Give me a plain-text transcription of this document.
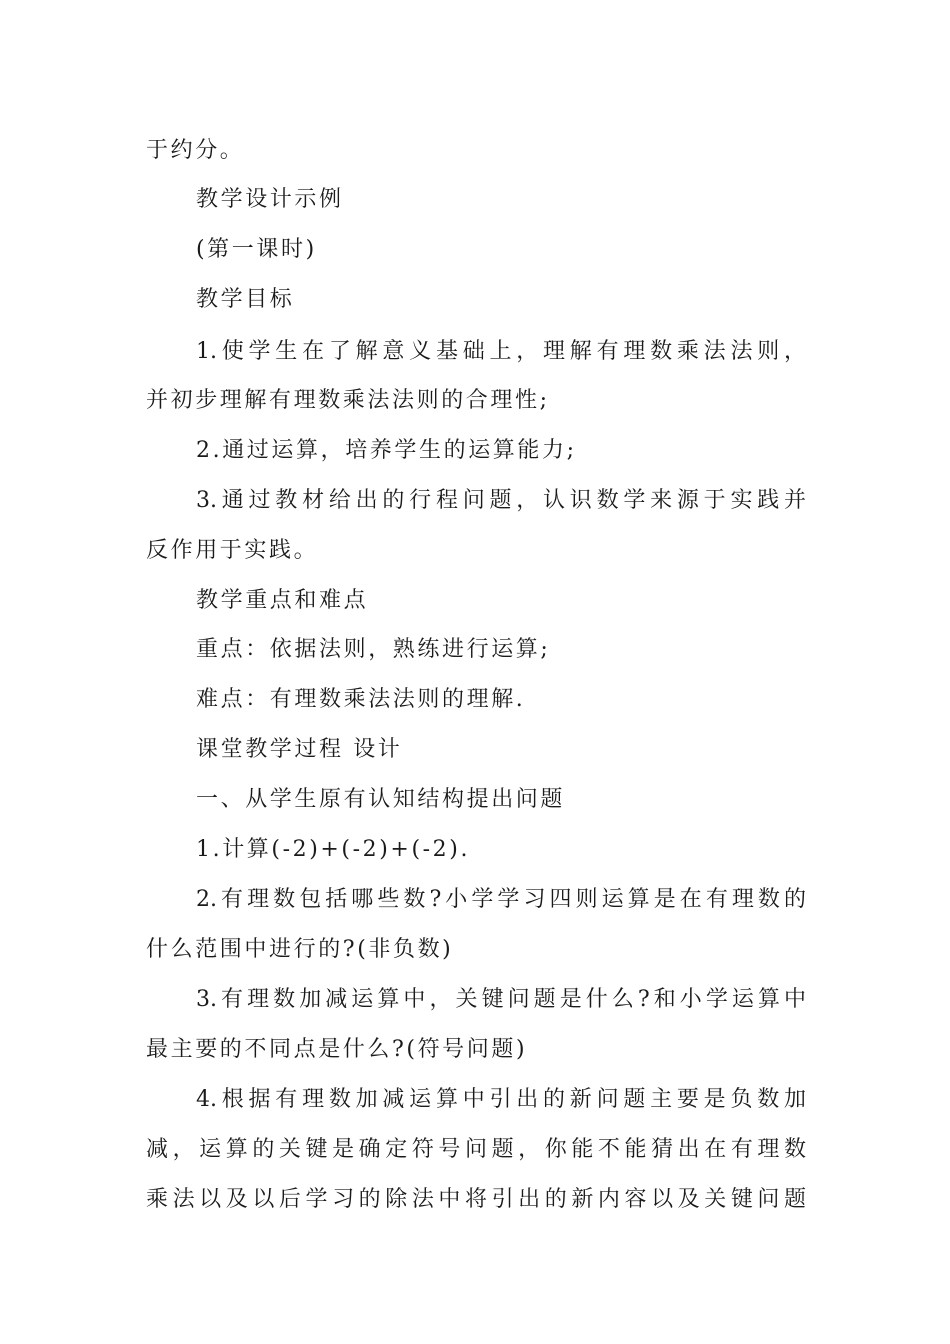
于约分。
教学设计示例
(第一课时)
教学目标
1.使学生在了解意义基础上，理解有理数乘法法则，
并初步理解有理数乘法法则的合理性;
2.通过运算，培养学生的运算能力;
3.通过教材给出的行程问题，认识数学来源于实践并
反作用于实践。
教学重点和难点
重点：依据法则，熟练进行运算;
难点：有理数乘法法则的理解.
课堂教学过程 设计
一、从学生原有认知结构提出问题
1.计算(-2)+(-2)+(-2).
2.有理数包括哪些数?小学学习四则运算是在有理数的
什么范围中进行的?(非负数)
3.有理数加减运算中，关键问题是什么?和小学运算中
最主要的不同点是什么?(符号问题)
4.根据有理数加减运算中引出的新问题主要是负数加
减，运算的关键是确定符号问题，你能不能猜出在有理数
乘法以及以后学习的除法中将引出的新内容以及关键问题
